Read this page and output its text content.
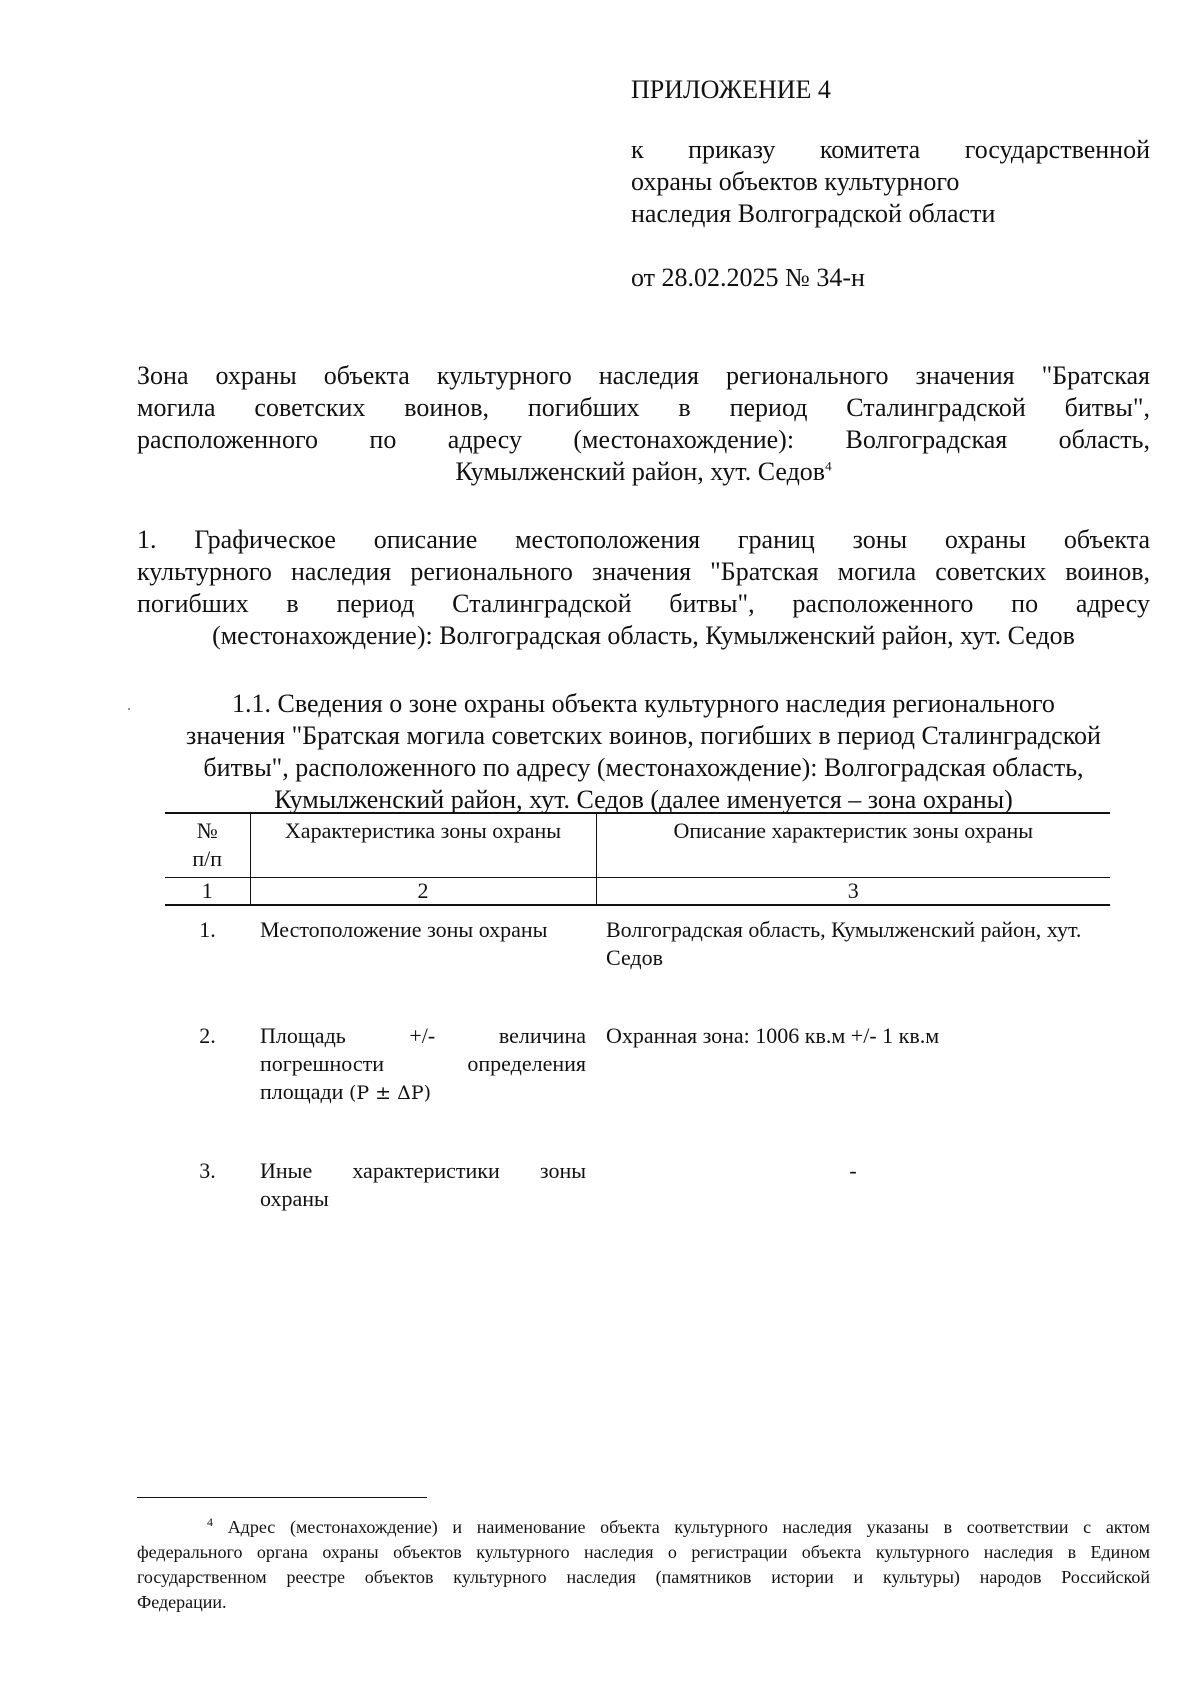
ПРИЛОЖЕНИЕ 4
к приказу комитета государственной
охраны объектов культурного
наследия Волгоградской области
от 28.02.2025 № 34-н
Зона охраны объекта культурного наследия регионального значения "Братская
могила советских воинов, погибших в период Сталинградской битвы",
расположенного по адресу (местонахождение): Волгоградская область,
Кумылженский район, хут. Седов$^4$
1. Графическое описание местоположения границ зоны охраны объекта
культурного наследия регионального значения "Братская могила советских воинов,
погибших в период Сталинградской битвы", расположенного по адресу
(местонахождение): Волгоградская область, Кумылженский район, хут. Седов
1.1. Сведения о зоне охраны объекта культурного наследия регионального
значения "Братская могила советских воинов, погибших в период Сталинградской
битвы", расположенного по адресу (местонахождение): Волгоградская область,
Кумылженский район, хут. Седов (далее именуется – зона охраны)
№
п/п	Характеристика зоны охраны	Описание характеристик зоны охраны
1	2	3
1.	Местоположение зоны охраны	Волгоградская область, Кумылженский район, хут. Седов
2.	Площадь +/- величина
погрешности определения
площади (P ± ΔP)	Охранная зона: 1006 кв.м +/- 1 кв.м
3.	Иные характеристики зоны
охраны	-
$^4$ Адрес (местонахождение) и наименование объекта культурного наследия указаны в соответствии с актом
федерального органа охраны объектов культурного наследия о регистрации объекта культурного наследия в Едином
государственном реестре объектов культурного наследия (памятников истории и культуры) народов Российской
Федерации.
